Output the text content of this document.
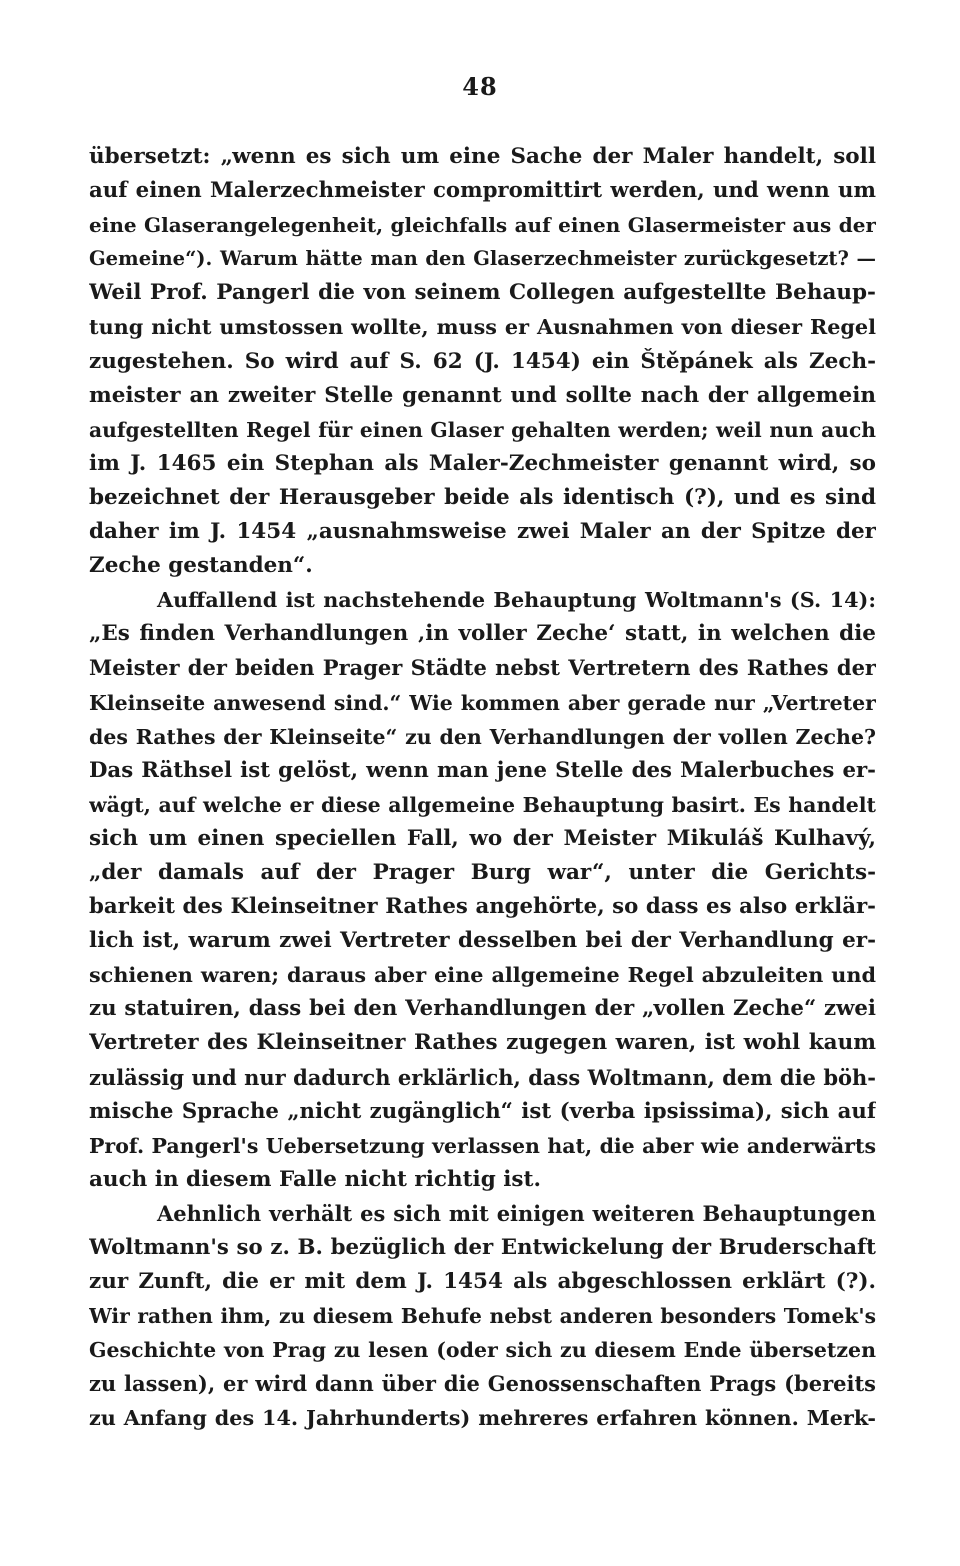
48
übersetzt: „wenn es sich um eine Sache der Maler handelt, soll
auf einen Malerzechmeister compromittirt werden, und wenn um
eine Glaserangelegenheit, gleichfalls auf einen Glasermeister aus der
Gemeine“). Warum hätte man den Glaserzechmeister zurückgesetzt? —
Weil Prof. Pangerl die von seinem Collegen aufgestellte Behaup-
tung nicht umstossen wollte, muss er Ausnahmen von dieser Regel
zugestehen. So wird auf S. 62 (J. 1454) ein Štěpánek als Zech-
meister an zweiter Stelle genannt und sollte nach der allgemein
aufgestellten Regel für einen Glaser gehalten werden; weil nun auch
im J. 1465 ein Stephan als Maler-Zechmeister genannt wird, so
bezeichnet der Herausgeber beide als identisch (?), und es sind
daher im J. 1454 „ausnahmsweise zwei Maler an der Spitze der
Zeche gestanden“.
Auffallend ist nachstehende Behauptung Woltmann's (S. 14):
„Es finden Verhandlungen ‚in voller Zeche‘ statt, in welchen die
Meister der beiden Prager Städte nebst Vertretern des Rathes der
Kleinseite anwesend sind.“ Wie kommen aber gerade nur „Vertreter
des Rathes der Kleinseite“ zu den Verhandlungen der vollen Zeche?
Das Räthsel ist gelöst, wenn man jene Stelle des Malerbuches er-
wägt, auf welche er diese allgemeine Behauptung basirt. Es handelt
sich um einen speciellen Fall, wo der Meister Mikuláš Kulhavý,
„der damals auf der Prager Burg war“, unter die Gerichts-
barkeit des Kleinseitner Rathes angehörte, so dass es also erklär-
lich ist, warum zwei Vertreter desselben bei der Verhandlung er-
schienen waren; daraus aber eine allgemeine Regel abzuleiten und
zu statuiren, dass bei den Verhandlungen der „vollen Zeche“ zwei
Vertreter des Kleinseitner Rathes zugegen waren, ist wohl kaum
zulässig und nur dadurch erklärlich, dass Woltmann, dem die böh-
mische Sprache „nicht zugänglich“ ist (verba ipsissima), sich auf
Prof. Pangerl's Uebersetzung verlassen hat, die aber wie anderwärts
auch in diesem Falle nicht richtig ist.
Aehnlich verhält es sich mit einigen weiteren Behauptungen
Woltmann's so z. B. bezüglich der Entwickelung der Bruderschaft
zur Zunft, die er mit dem J. 1454 als abgeschlossen erklärt (?).
Wir rathen ihm, zu diesem Behufe nebst anderen besonders Tomek's
Geschichte von Prag zu lesen (oder sich zu diesem Ende übersetzen
zu lassen), er wird dann über die Genossenschaften Prags (bereits
zu Anfang des 14. Jahrhunderts) mehreres erfahren können. Merk-
